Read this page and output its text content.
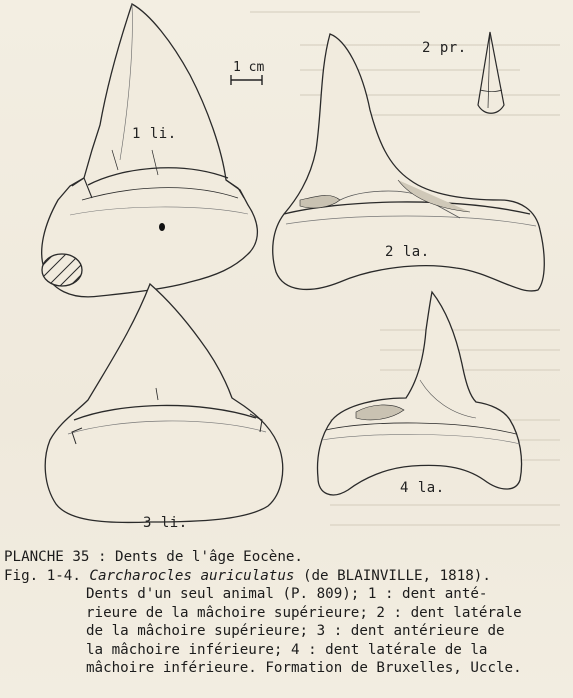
1 li.
2 la.
2 pr.
3 li.
4 la.
1 cm
PLANCHE 35 : Dents de l'âge Eocène.
Fig. 1-4. Carcharocles auriculatus (de BLAINVILLE, 1818).
Dents d'un seul animal (P. 809); 1 : dent anté-
rieure de la mâchoire supérieure; 2 : dent latérale
de la mâchoire supérieure; 3 : dent antérieure de
la mâchoire inférieure; 4 : dent latérale de la
mâchoire inférieure. Formation de Bruxelles, Uccle.
